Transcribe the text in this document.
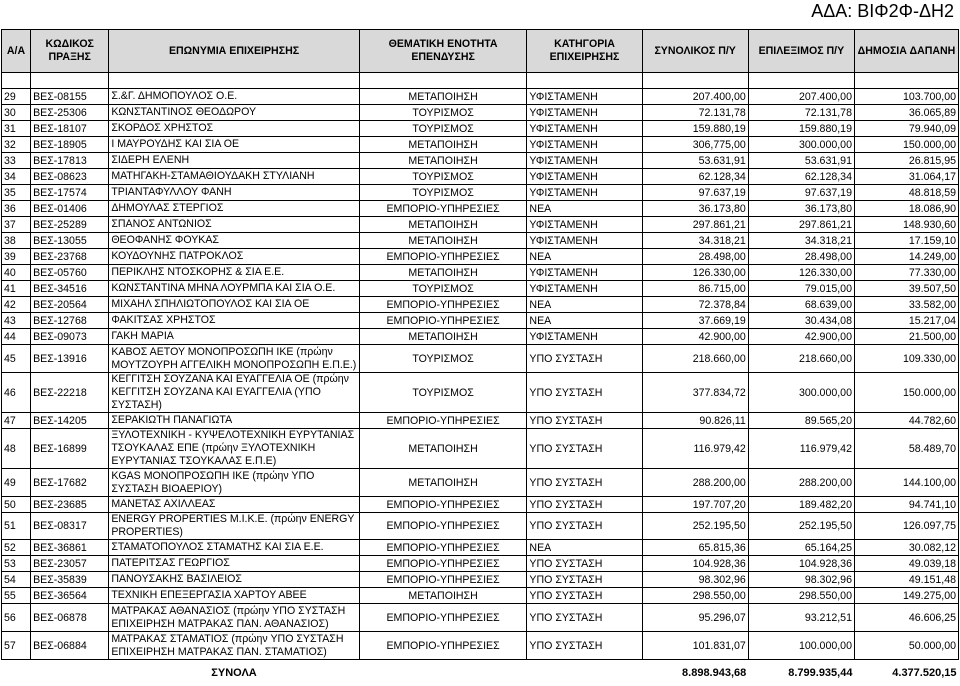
ΑΔΑ: ΒΙΦ2Φ-ΔΗ2
Α/Α	ΚΩΔΙΚΟΣ ΠΡΑΞΗΣ	ΕΠΩΝΥΜΙΑ ΕΠΙΧΕΙΡΗΣΗΣ	ΘΕΜΑΤΙΚΗ ΕΝΟΤΗΤΑ ΕΠΕΝΔΥΣΗΣ	ΚΑΤΗΓΟΡΙΑ ΕΠΙΧΕΙΡΗΣΗΣ	ΣΥΝΟΛΙΚΟΣ Π/Υ	ΕΠΙΛΕΞΙΜΟΣ Π/Υ	ΔΗΜΟΣΙΑ ΔΑΠΑΝΗ

29	ΒΕΣ-08155	Σ.&Γ. ΔΗΜΟΠΟΥΛΟΣ Ο.Ε.	ΜΕΤΑΠΟΙΗΣΗ	ΥΦΙΣΤΑΜΕΝΗ	207.400,00	207.400,00	103.700,00
30	ΒΕΣ-25306	ΚΩΝΣΤΑΝΤΙΝΟΣ ΘΕΟΔΩΡΟΥ	ΤΟΥΡΙΣΜΟΣ	ΥΦΙΣΤΑΜΕΝΗ	72.131,78	72.131,78	36.065,89
31	ΒΕΣ-18107	ΣΚΟΡΔΟΣ ΧΡΗΣΤΟΣ	ΤΟΥΡΙΣΜΟΣ	ΥΦΙΣΤΑΜΕΝΗ	159.880,19	159.880,19	79.940,09
32	ΒΕΣ-18905	Ι ΜΑΥΡΟΥΔΗΣ ΚΑΙ ΣΙΑ ΟΕ	ΜΕΤΑΠΟΙΗΣΗ	ΥΦΙΣΤΑΜΕΝΗ	306,775,00	300.000,00	150.000,00
33	ΒΕΣ-17813	ΣΙΔΕΡΗ ΕΛΕΝΗ	ΜΕΤΑΠΟΙΗΣΗ	ΥΦΙΣΤΑΜΕΝΗ	53.631,91	53.631,91	26.815,95
34	ΒΕΣ-08623	ΜΑΤΗΓΑΚΗ-ΣΤΑΜΑΘΙΟΥΔΑΚΗ ΣΤΥΛΙΑΝΗ	ΤΟΥΡΙΣΜΟΣ	ΥΦΙΣΤΑΜΕΝΗ	62.128,34	62.128,34	31.064,17
35	ΒΕΣ-17574	ΤΡΙΑΝΤΑΦΥΛΛΟΥ ΦΑΝΗ	ΤΟΥΡΙΣΜΟΣ	ΥΦΙΣΤΑΜΕΝΗ	97.637,19	97.637,19	48.818,59
36	ΒΕΣ-01406	ΔΗΜΟΥΛΑΣ ΣΤΕΡΓΙΟΣ	ΕΜΠΟΡΙΟ-ΥΠΗΡΕΣΙΕΣ	ΝΕΑ	36.173,80	36.173,80	18.086,90
37	ΒΕΣ-25289	ΣΠΑΝΟΣ ΑΝΤΩΝΙΟΣ	ΜΕΤΑΠΟΙΗΣΗ	ΥΦΙΣΤΑΜΕΝΗ	297.861,21	297.861,21	148.930,60
38	ΒΕΣ-13055	ΘΕΟΦΑΝΗΣ ΦΟΥΚΑΣ	ΜΕΤΑΠΟΙΗΣΗ	ΥΦΙΣΤΑΜΕΝΗ	34.318,21	34.318,21	17.159,10
39	ΒΕΣ-23768	ΚΟΥΔΟΥΝΗΣ ΠΑΤΡΟΚΛΟΣ	ΕΜΠΟΡΙΟ-ΥΠΗΡΕΣΙΕΣ	ΝΕΑ	28.498,00	28.498,00	14.249,00
40	ΒΕΣ-05760	ΠΕΡΙΚΛΗΣ ΝΤΟΣΚΟΡΗΣ & ΣΙΑ Ε.Ε.	ΜΕΤΑΠΟΙΗΣΗ	ΥΦΙΣΤΑΜΕΝΗ	126.330,00	126.330,00	77.330,00
41	ΒΕΣ-34516	ΚΩΝΣΤΑΝΤΙΝΑ ΜΗΝΑ ΛΟΥΡΜΠΑ ΚΑΙ ΣΙΑ Ο.Ε.	ΤΟΥΡΙΣΜΟΣ	ΥΦΙΣΤΑΜΕΝΗ	86.715,00	79.015,00	39.507,50
42	ΒΕΣ-20564	ΜΙΧΑΗΛ ΣΠΗΛΙΩΤΟΠΟΥΛΟΣ ΚΑΙ ΣΙΑ ΟΕ	ΕΜΠΟΡΙΟ-ΥΠΗΡΕΣΙΕΣ	ΝΕΑ	72.378,84	68.639,00	33.582,00
43	ΒΕΣ-12768	ΦΑΚΙΤΣΑΣ ΧΡΗΣΤΟΣ	ΕΜΠΟΡΙΟ-ΥΠΗΡΕΣΙΕΣ	ΝΕΑ	37.669,19	30.434,08	15.217,04
44	ΒΕΣ-09073	ΓΑΚΗ ΜΑΡΙΑ	ΜΕΤΑΠΟΙΗΣΗ	ΥΦΙΣΤΑΜΕΝΗ	42.900,00	42.900,00	21.500,00
45	ΒΕΣ-13916	ΚΑΒΟΣ ΑΕΤΟΥ ΜΟΝΟΠΡΟΣΩΠΗ ΙΚΕ (πρώην ΜΟΥΤΖΟΥΡΗ ΑΓΓΕΛΙΚΗ ΜΟΝΟΠΡΟΣΩΠΗ Ε.Π.Ε.)	ΤΟΥΡΙΣΜΟΣ	ΥΠΟ ΣΥΣΤΑΣΗ	218.660,00	218.660,00	109.330,00
46	ΒΕΣ-22218	ΚΕΓΓΙΤΣΗ ΣΟΥΖΑΝΑ ΚΑΙ ΕΥΑΓΓΕΛΙΑ ΟΕ (πρώην ΚΕΓΓΙΤΣΗ ΣΟΥΖΑΝΑ ΚΑΙ ΕΥΑΓΓΕΛΙΑ (ΥΠΟ ΣΥΣΤΑΣΗ)	ΤΟΥΡΙΣΜΟΣ	ΥΠΟ ΣΥΣΤΑΣΗ	377.834,72	300.000,00	150.000,00
47	ΒΕΣ-14205	ΣΕΡΑΚΙΩΤΗ ΠΑΝΑΓΙΩΤΑ	ΕΜΠΟΡΙΟ-ΥΠΗΡΕΣΙΕΣ	ΥΠΟ ΣΥΣΤΑΣΗ	90.826,11	89.565,20	44.782,60
48	ΒΕΣ-16899	ΞΥΛΟΤΕΧΝΙΚΗ - ΚΥΨΕΛΟΤΕΧΝΙΚΗ ΕΥΡΥΤΑΝΙΑΣ ΤΣΟΥΚΑΛΑΣ ΕΠΕ (πρώην ΞΥΛΟΤΕΧΝΙΚΗ ΕΥΡΥΤΑΝΙΑΣ ΤΣΟΥΚΑΛΑΣ Ε.Π.Ε)	ΜΕΤΑΠΟΙΗΣΗ	ΥΠΟ ΣΥΣΤΑΣΗ	116.979,42	116.979,42	58.489,70
49	ΒΕΣ-17682	KGAS ΜΟΝΟΠΡΟΣΩΠΗ ΙΚΕ (πρώην ΥΠΟ ΣΥΣΤΑΣΗ ΒΙΟΑΕΡΙΟΥ)	ΜΕΤΑΠΟΙΗΣΗ	ΥΠΟ ΣΥΣΤΑΣΗ	288.200,00	288.200,00	144.100,00
50	ΒΕΣ-23685	ΜΑΝΕΤΑΣ ΑΧΙΛΛΕΑΣ	ΕΜΠΟΡΙΟ-ΥΠΗΡΕΣΙΕΣ	ΥΠΟ ΣΥΣΤΑΣΗ	197.707,20	189.482,20	94.741,10
51	ΒΕΣ-08317	ENERGY PROPERTIES Μ.Ι.Κ.Ε. (πρώην ENERGY PROPERTIES)	ΕΜΠΟΡΙΟ-ΥΠΗΡΕΣΙΕΣ	ΥΠΟ ΣΥΣΤΑΣΗ	252.195,50	252.195,50	126.097,75
52	ΒΕΣ-36861	ΣΤΑΜΑΤΟΠΟΥΛΟΣ ΣΤΑΜΑΤΗΣ ΚΑΙ ΣΙΑ Ε.Ε.	ΕΜΠΟΡΙΟ-ΥΠΗΡΕΣΙΕΣ	ΝΕΑ	65.815,36	65.164,25	30.082,12
53	ΒΕΣ-23057	ΠΑΤΕΡΙΤΣΑΣ ΓΕΩΡΓΙΟΣ	ΕΜΠΟΡΙΟ-ΥΠΗΡΕΣΙΕΣ	ΥΠΟ ΣΥΣΤΑΣΗ	104.928,36	104.928,36	49.039,18
54	ΒΕΣ-35839	ΠΑΝΟΥΣΑΚΗΣ ΒΑΣΙΛΕΙΟΣ	ΕΜΠΟΡΙΟ-ΥΠΗΡΕΣΙΕΣ	ΥΠΟ ΣΥΣΤΑΣΗ	98.302,96	98.302,96	49.151,48
55	ΒΕΣ-36564	ΤΕΧΝΙΚΗ ΕΠΕΞΕΡΓΑΣΙΑ ΧΑΡΤΟΥ ΑΒΕΕ	ΜΕΤΑΠΟΙΗΣΗ	ΥΠΟ ΣΥΣΤΑΣΗ	298.550,00	298.550,00	149.275,00
56	ΒΕΣ-06878	ΜΑΤΡΑΚΑΣ ΑΘΑΝΑΣΙΟΣ (πρώην ΥΠΟ ΣΥΣΤΑΣΗ ΕΠΙΧΕΙΡΗΣΗ ΜΑΤΡΑΚΑΣ ΠΑΝ. ΑΘΑΝΑΣΙΟΣ)	ΕΜΠΟΡΙΟ-ΥΠΗΡΕΣΙΕΣ	ΥΠΟ ΣΥΣΤΑΣΗ	95.296,07	93.212,51	46.606,25
57	ΒΕΣ-06884	ΜΑΤΡΑΚΑΣ ΣΤΑΜΑΤΙΟΣ (πρώην ΥΠΟ ΣΥΣΤΑΣΗ ΕΠΙΧΕΙΡΗΣΗ ΜΑΤΡΑΚΑΣ ΠΑΝ. ΣΤΑΜΑΤΙΟΣ)	ΕΜΠΟΡΙΟ-ΥΠΗΡΕΣΙΕΣ	ΥΠΟ ΣΥΣΤΑΣΗ	101.831,07	100.000,00	50.000,00
		ΣΥΝΟΛΑ			8.898.943,68	8.799.935,44	4.377.520,15
